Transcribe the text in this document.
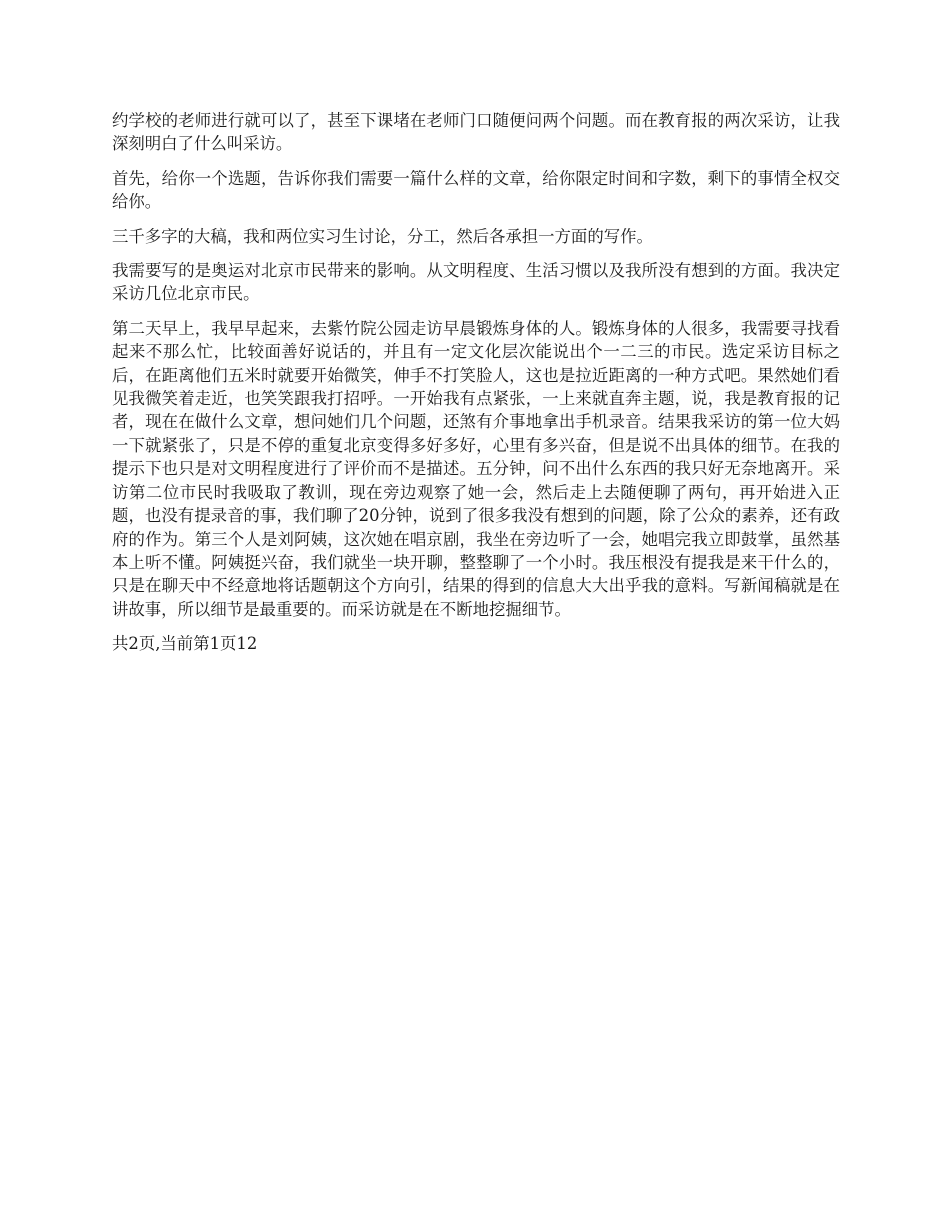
约学校的老师进行就可以了，甚至下课堵在老师门口随便问两个问题。而在教育报的两次采访，让我深刻明白了什么叫采访。

首先，给你一个选题，告诉你我们需要一篇什么样的文章，给你限定时间和字数，剩下的事情全权交给你。

三千多字的大稿，我和两位实习生讨论，分工，然后各承担一方面的写作。

我需要写的是奥运对北京市民带来的影响。从文明程度、生活习惯以及我所没有想到的方面。我决定采访几位北京市民。

第二天早上，我早早起来，去紫竹院公园走访早晨锻炼身体的人。锻炼身体的人很多，我需要寻找看起来不那么忙，比较面善好说话的，并且有一定文化层次能说出个一二三的市民。选定采访目标之后，在距离他们五米时就要开始微笑，伸手不打笑脸人，这也是拉近距离的一种方式吧。果然她们看见我微笑着走近，也笑笑跟我打招呼。一开始我有点紧张，一上来就直奔主题，说，我是教育报的记者，现在在做什么文章，想问她们几个问题，还煞有介事地拿出手机录音。结果我采访的第一位大妈一下就紧张了，只是不停的重复北京变得多好多好，心里有多兴奋，但是说不出具体的细节。在我的提示下也只是对文明程度进行了评价而不是描述。五分钟，问不出什么东西的我只好无奈地离开。采访第二位市民时我吸取了教训，现在旁边观察了她一会，然后走上去随便聊了两句，再开始进入正题，也没有提录音的事，我们聊了20分钟，说到了很多我没有想到的问题，除了公众的素养，还有政府的作为。第三个人是刘阿姨，这次她在唱京剧，我坐在旁边听了一会，她唱完我立即鼓掌，虽然基本上听不懂。阿姨挺兴奋，我们就坐一块开聊，整整聊了一个小时。我压根没有提我是来干什么的，只是在聊天中不经意地将话题朝这个方向引，结果的得到的信息大大出乎我的意料。写新闻稿就是在讲故事，所以细节是最重要的。而采访就是在不断地挖掘细节。

共2页,当前第1页12
